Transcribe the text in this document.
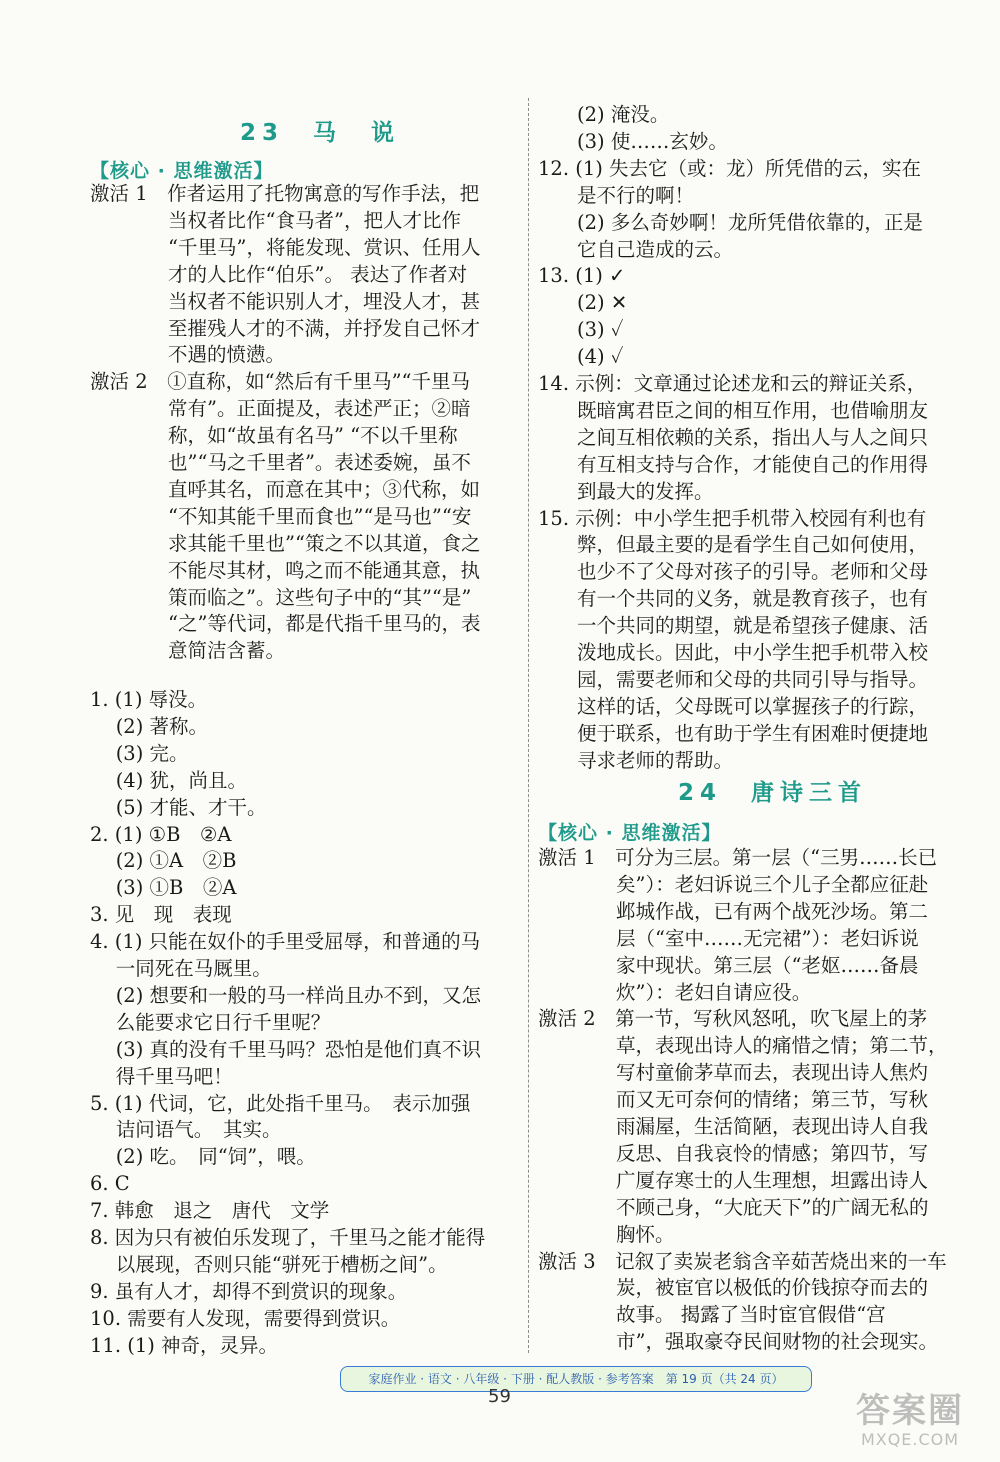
23　马　说
【核心 · 思维激活】
激活 1　作者运用了托物寓意的写作手法，把
　　　　当权者比作“食马者”，把人才比作
　　　　“千里马”，将能发现、赏识、任用人
　　　　才的人比作“伯乐”。 表达了作者对
　　　　当权者不能识别人才，埋没人才，甚
　　　　至摧残人才的不满，并抒发自己怀才
　　　　不遇的愤懑。
激活 2　①直称，如“然后有千里马”“千里马
　　　　常有”。正面提及，表述严正；②暗
　　　　称，如“故虽有名马” “不以千里称
　　　　也”“马之千里者”。表述委婉，虽不
　　　　直呼其名，而意在其中；③代称，如
　　　　“不知其能千里而食也”“是马也”“安
　　　　求其能千里也”“策之不以其道，食之
　　　　不能尽其材，鸣之而不能通其意，执
　　　　策而临之”。这些句子中的“其”“是”
　　　　“之”等代词，都是代指千里马的，表
　　　　意简洁含蓄。
1. (1) 辱没。
　 (2) 著称。
　 (3) 完。
　 (4) 犹，尚且。
　 (5) 才能、才干。
2. (1) ①B　②A
　 (2) ①A　②B
　 (3) ①B　②A
3. 见　现　表现
4. (1) 只能在奴仆的手里受屈辱，和普通的马
　 一同死在马厩里。
　 (2) 想要和一般的马一样尚且办不到，又怎
　 么能要求它日行千里呢？
　 (3) 真的没有千里马吗？恐怕是他们真不识
　 得千里马吧！
5. (1) 代词，它，此处指千里马。　表示加强
　 诘问语气。　其实。
　 (2) 吃。　同“饲”，喂。
6. C
7. 韩愈　退之　唐代　文学
8. 因为只有被伯乐发现了，千里马之能才能得
　 以展现，否则只能“骈死于槽枥之间”。
9. 虽有人才，却得不到赏识的现象。
10. 需要有人发现，需要得到赏识。
11. (1) 神奇，灵异。
24　唐诗三首
【核心 · 思维激活】
　　(2) 淹没。
　　(3) 使……玄妙。
12. (1) 失去它（或：龙）所凭借的云，实在
　　是不行的啊！
　　(2) 多么奇妙啊！龙所凭借依靠的，正是
　　它自己造成的云。
13. (1) ✓
　　(2) ✕
　　(3) ✓
　　(4) ✓
14. 示例：文章通过论述龙和云的辩证关系，
　　既暗寓君臣之间的相互作用，也借喻朋友
　　之间互相依赖的关系，指出人与人之间只
　　有互相支持与合作，才能使自己的作用得
　　到最大的发挥。
15. 示例：中小学生把手机带入校园有利也有
　　弊，但最主要的是看学生自己如何使用，
　　也少不了父母对孩子的引导。老师和父母
　　有一个共同的义务，就是教育孩子，也有
　　一个共同的期望，就是希望孩子健康、活
　　泼地成长。因此，中小学生把手机带入校
　　园，需要老师和父母的共同引导与指导。
　　这样的话，父母既可以掌握孩子的行踪，
　　便于联系，也有助于学生有困难时便捷地
　　寻求老师的帮助。
激活 1　可分为三层。第一层（“三男……长已
　　　　矣”）：老妇诉说三个儿子全都应征赴
　　　　邺城作战，已有两个战死沙场。第二
　　　　层（“室中……无完裙”）：老妇诉说
　　　　家中现状。第三层（“老妪……备晨
　　　　炊”）：老妇自请应役。
激活 2　第一节，写秋风怒吼，吹飞屋上的茅
　　　　草，表现出诗人的痛惜之情；第二节，
　　　　写村童偷茅草而去，表现出诗人焦灼
　　　　而又无可奈何的情绪；第三节，写秋
　　　　雨漏屋，生活简陋，表现出诗人自我
　　　　反思、自我哀怜的情感；第四节，写
　　　　广厦存寒士的人生理想，坦露出诗人
　　　　不顾己身，“大庇天下”的广阔无私的
　　　　胸怀。
激活 3　记叙了卖炭老翁含辛茹苦烧出来的一车
　　　　炭，被宦官以极低的价钱掠夺而去的
　　　　故事。 揭露了当时宦官假借“宫
　　　　市”，强取豪夺民间财物的社会现实。
家庭作业 · 语文 · 八年级 · 下册 · 配人教版 · 参考答案　第 19 页（共 24 页）
59	答案圈
MXQE.COM
